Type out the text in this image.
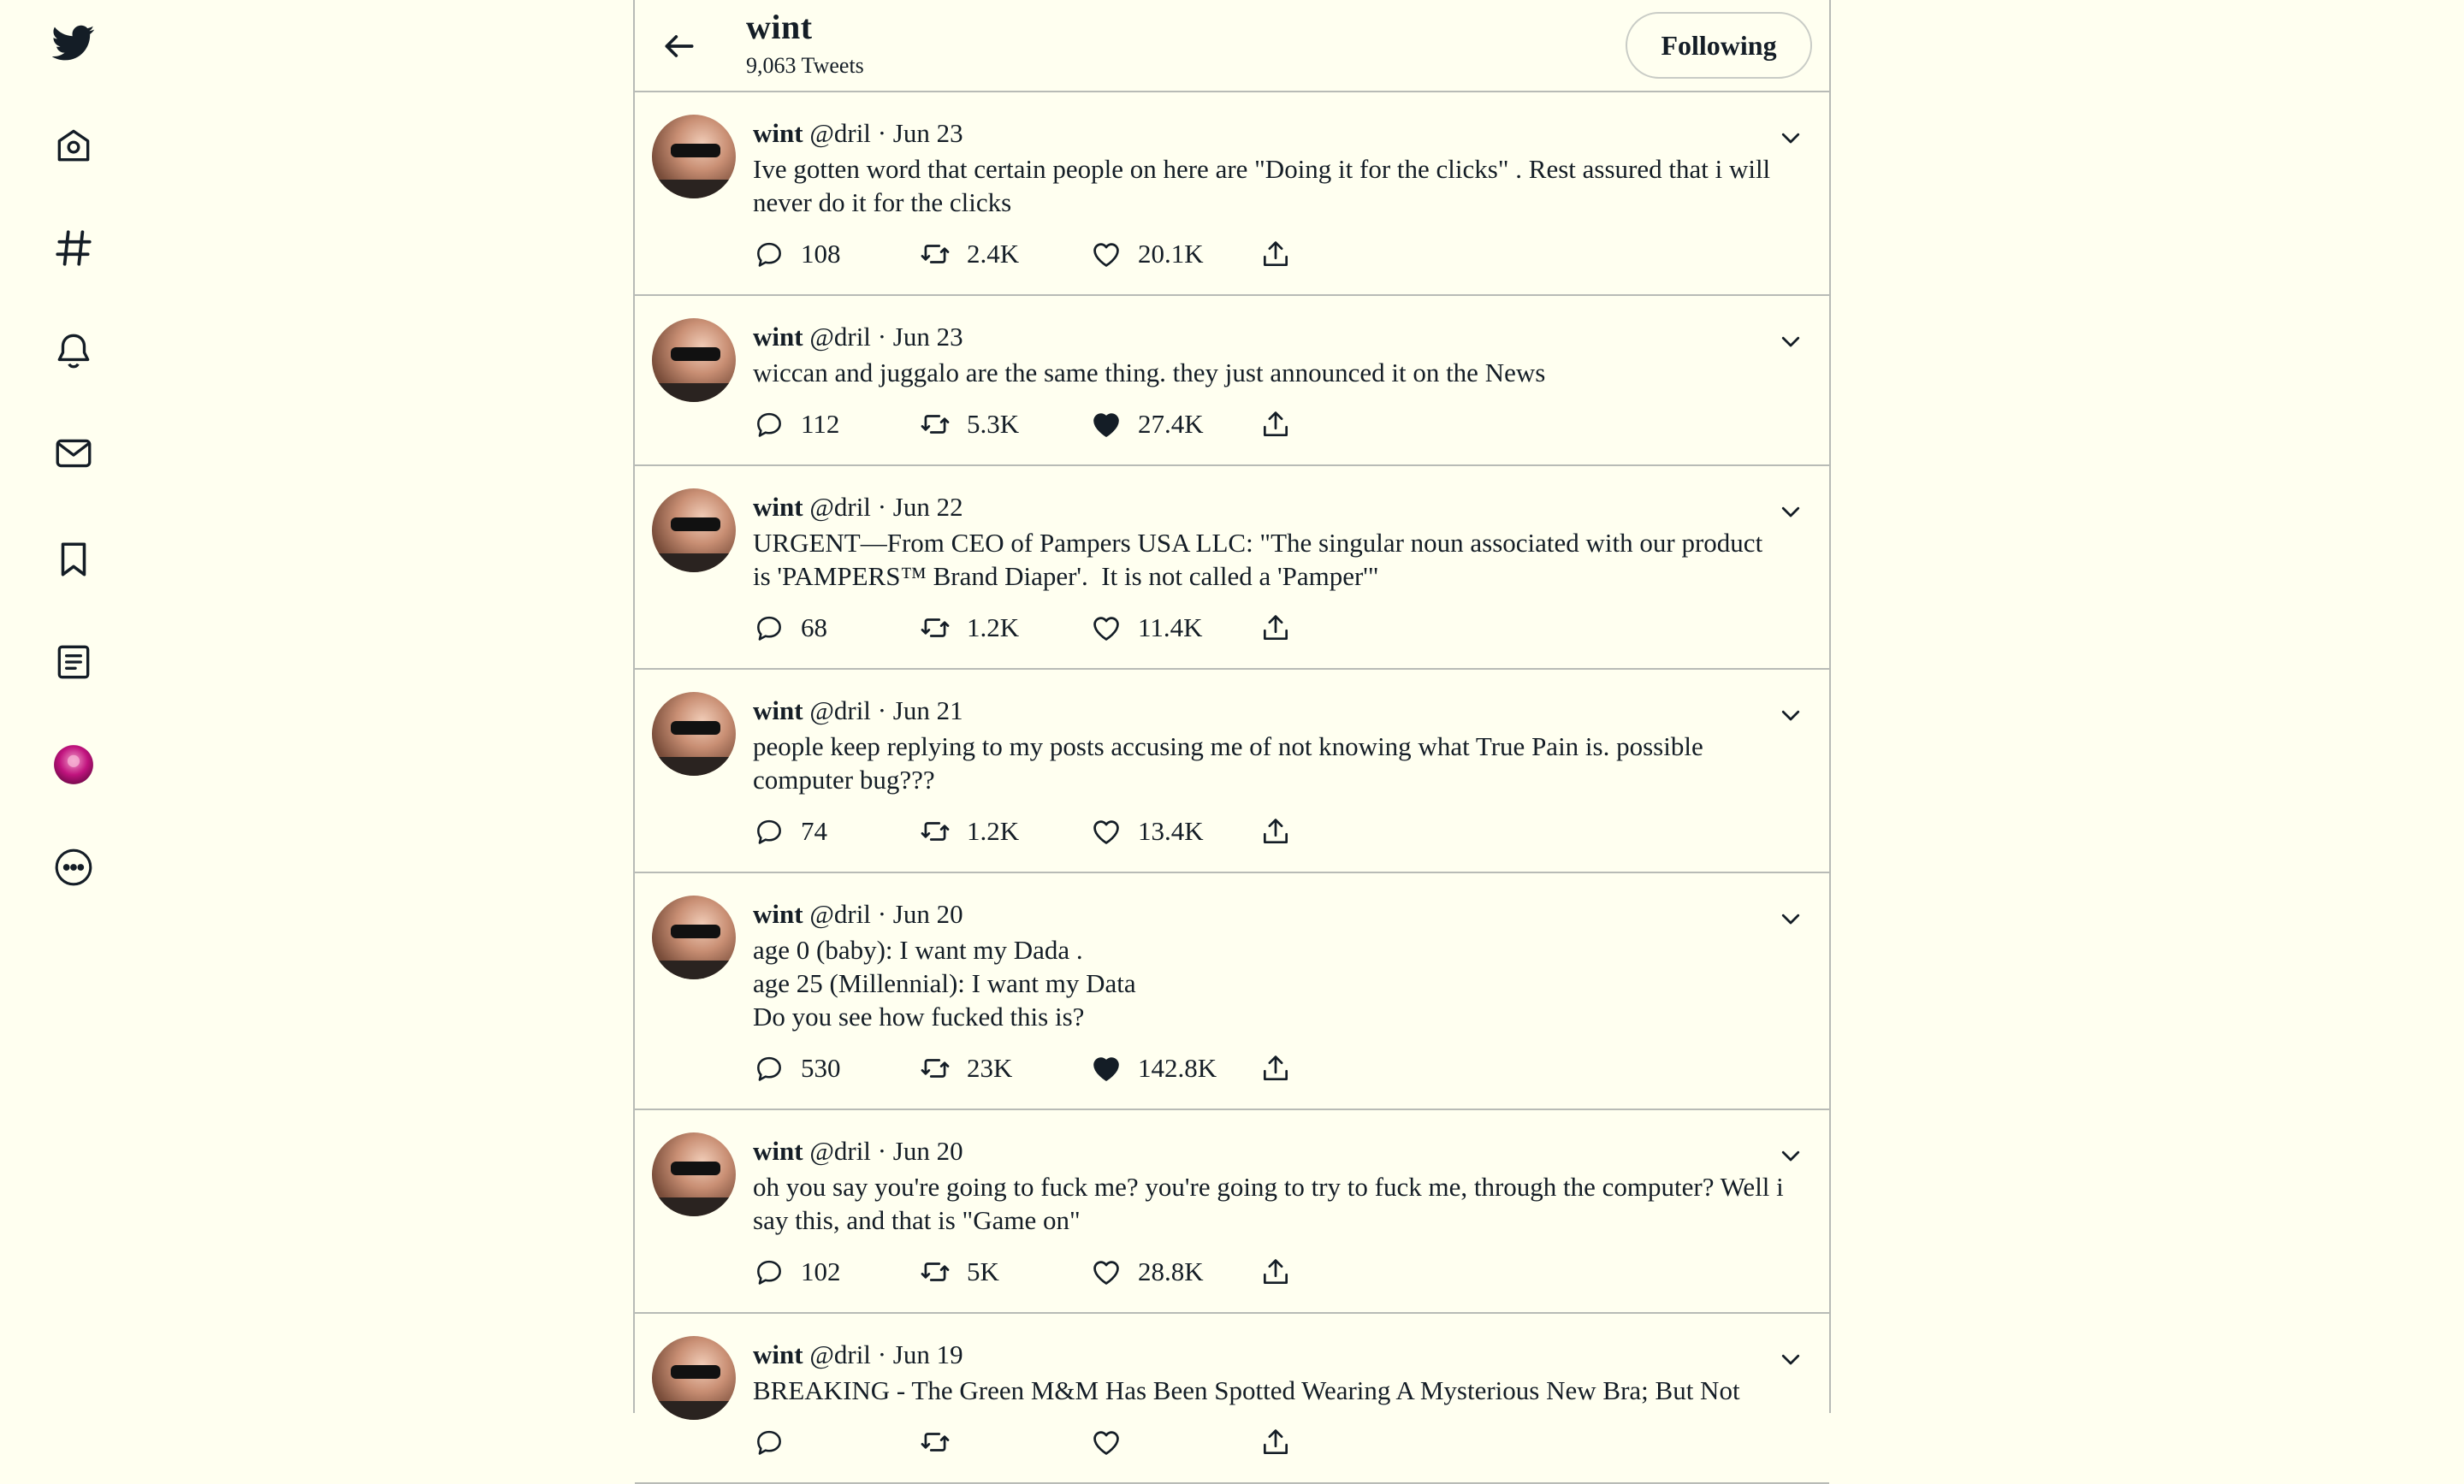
wint
9,063 Tweets
Following
wint @dril · Jun 23
Ive gotten word that certain people on here are "Doing it for the clicks" . Rest assured that i will never do it for the clicks
108	2.4K	20.1K
wint @dril · Jun 23
wiccan and juggalo are the same thing. they just announced it on the News
112	5.3K	27.4K
wint @dril · Jun 22
URGENT—From CEO of Pampers USA LLC: "The singular noun associated with our product is 'PAMPERS™ Brand Diaper'.  It is not called a 'Pamper'"
68	1.2K	11.4K
wint @dril · Jun 21
people keep replying to my posts accusing me of not knowing what True Pain is. possible computer bug???
74	1.2K	13.4K
wint @dril · Jun 20
age 0 (baby): I want my Dada .
age 25 (Millennial): I want my Data
Do you see how fucked this is?
530	23K	142.8K
wint @dril · Jun 20
oh you say you're going to fuck me? you're going to try to fuck me, through the computer? Well i say this, and that is "Game on"
102	5K	28.8K
wint @dril · Jun 19
BREAKING - The Green M&M Has Been Spotted Wearing A Mysterious New Bra; But Not
